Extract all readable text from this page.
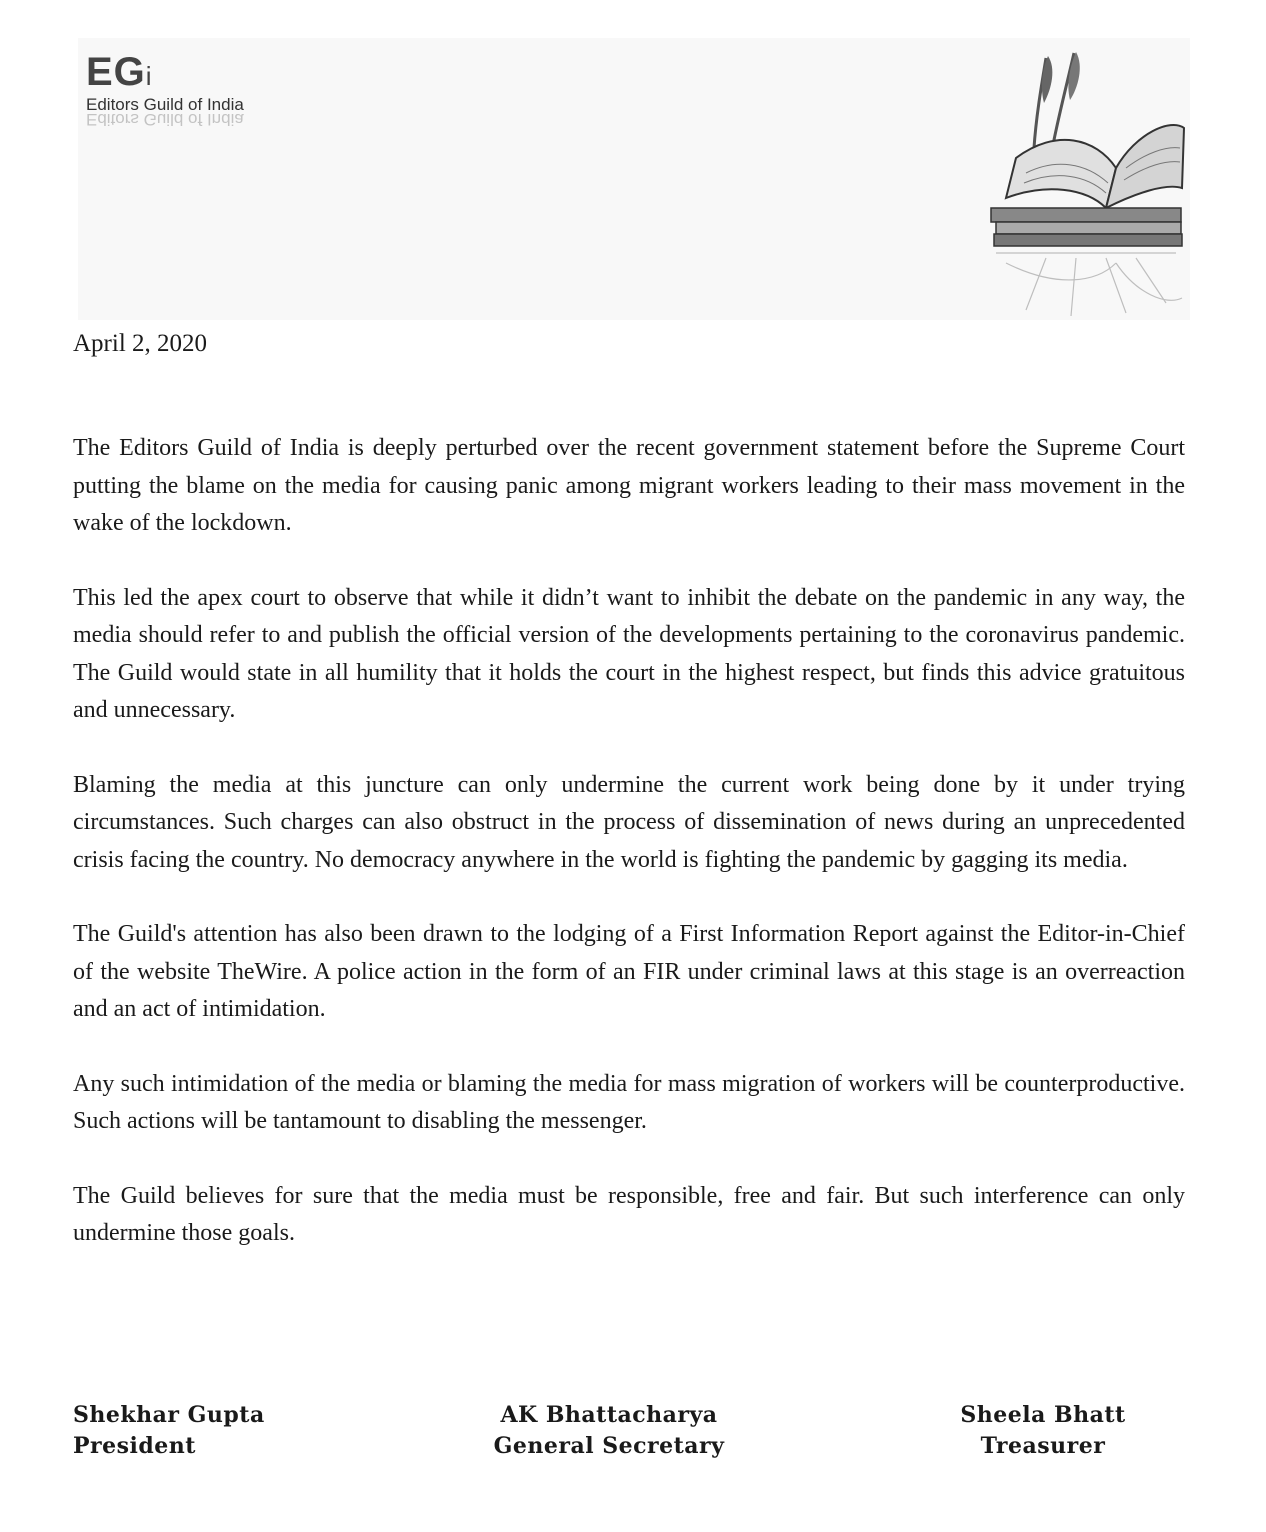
EGi
Editors Guild of India
Editors Guild of India
April 2, 2020

The Editors Guild of India is deeply perturbed over the recent government statement before the Supreme Court putting the blame on the media for causing panic among migrant workers leading to their mass movement in the wake of the lockdown.

This led the apex court to observe that while it didn’t want to inhibit the debate on the pandemic in any way, the media should refer to and publish the official version of the developments pertaining to the coronavirus pandemic. The Guild would state in all humility that it holds the court in the highest respect, but finds this advice gratuitous and unnecessary.

Blaming the media at this juncture can only undermine the current work being done by it under trying circumstances. Such charges can also obstruct in the process of dissemination of news during an unprecedented crisis facing the country. No democracy anywhere in the world is fighting the pandemic by gagging its media.

The Guild's attention has also been drawn to the lodging of a First Information Report against the Editor-in-Chief of the website TheWire. A police action in the form of an FIR under criminal laws at this stage is an overreaction and an act of intimidation.

Any such intimidation of the media or blaming the media for mass migration of workers will be counterproductive. Such actions will be tantamount to disabling the messenger.

The Guild believes for sure that the media must be responsible, free and fair. But such interference can only undermine those goals.

Shekhar Gupta
President
AK Bhattacharya
General Secretary
Sheela Bhatt
Treasurer
